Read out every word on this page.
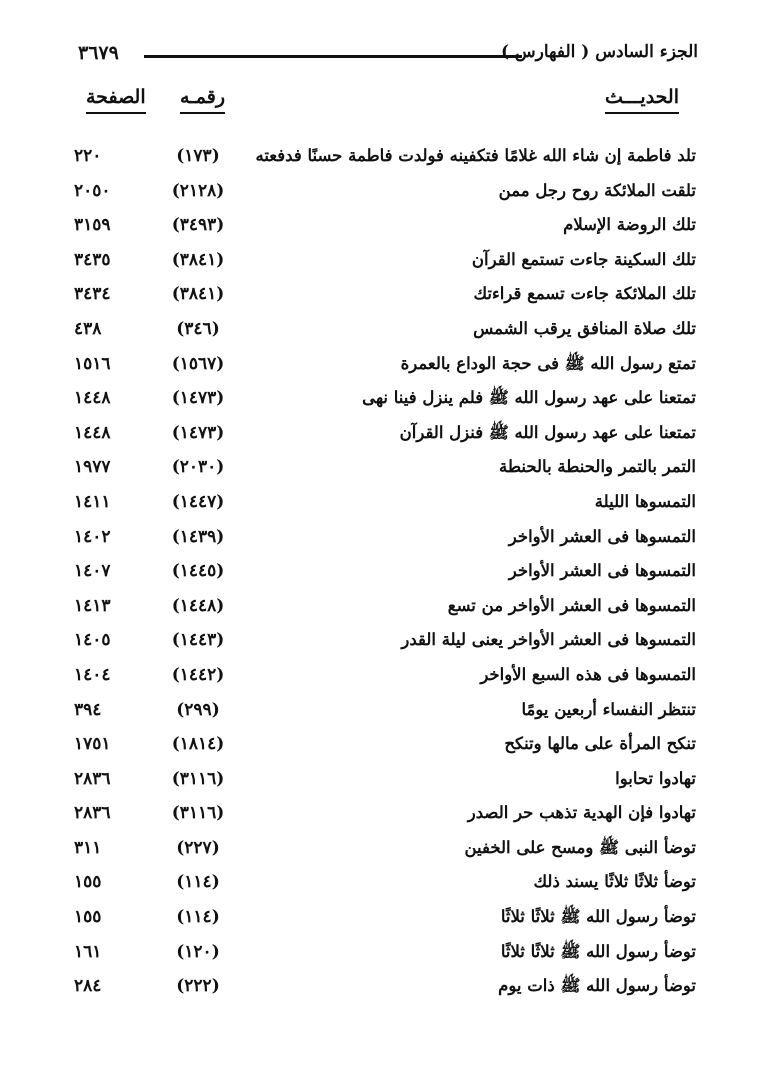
٣٦٧٩	الجزء السادس ( الفهارس )
الحديـــث
رقمـه
الصفحة
تلد فاطمة إن شاء الله غلامًا فتكفينه فولدت فاطمة حسنًا فدفعته
(١٧٣)
٢٢٠
تلقت الملائكة روح رجل ممن
(٢١٢٨)
٢٠٥٠
تلك الروضة الإسلام
(٣٤٩٣)
٣١٥٩
تلك السكينة جاءت تستمع القرآن
(٣٨٤١)
٣٤٣٥
تلك الملائكة جاءت تسمع قراءتك
(٣٨٤١)
٣٤٣٤
تلك صلاة المنافق يرقب الشمس
(٣٤٦)
٤٣٨
تمتع رسول الله ﷺ فى حجة الوداع بالعمرة
(١٥٦٧)
١٥١٦
تمتعنا على عهد رسول الله ﷺ فلم ينزل فينا نهى
(١٤٧٣)
١٤٤٨
تمتعنا على عهد رسول الله ﷺ فنزل القرآن
(١٤٧٣)
١٤٤٨
التمر بالتمر والحنطة بالحنطة
(٢٠٣٠)
١٩٧٧
التمسوها الليلة
(١٤٤٧)
١٤١١
التمسوها فى العشر الأواخر
(١٤٣٩)
١٤٠٢
التمسوها فى العشر الأواخر
(١٤٤٥)
١٤٠٧
التمسوها فى العشر الأواخر من تسع
(١٤٤٨)
١٤١٣
التمسوها فى العشر الأواخر يعنى ليلة القدر
(١٤٤٣)
١٤٠٥
التمسوها فى هذه السبع الأواخر
(١٤٤٢)
١٤٠٤
تنتظر النفساء أربعين يومًا
(٢٩٩)
٣٩٤
تنكح المرأة على مالها وتنكح
(١٨١٤)
١٧٥١
تهادوا تحابوا
(٣١١٦)
٢٨٣٦
تهادوا فإن الهدية تذهب حر الصدر
(٣١١٦)
٢٨٣٦
توضأ النبى ﷺ ومسح على الخفين
(٢٢٧)
٣١١
توضأ ثلاثًا ثلاثًا يسند ذلك
(١١٤)
١٥٥
توضأ رسول الله ﷺ ثلاثًا ثلاثًا
(١١٤)
١٥٥
توضأ رسول الله ﷺ ثلاثًا ثلاثًا
(١٢٠)
١٦١
توضأ رسول الله ﷺ ذات يوم
(٢٢٢)
٢٨٤
